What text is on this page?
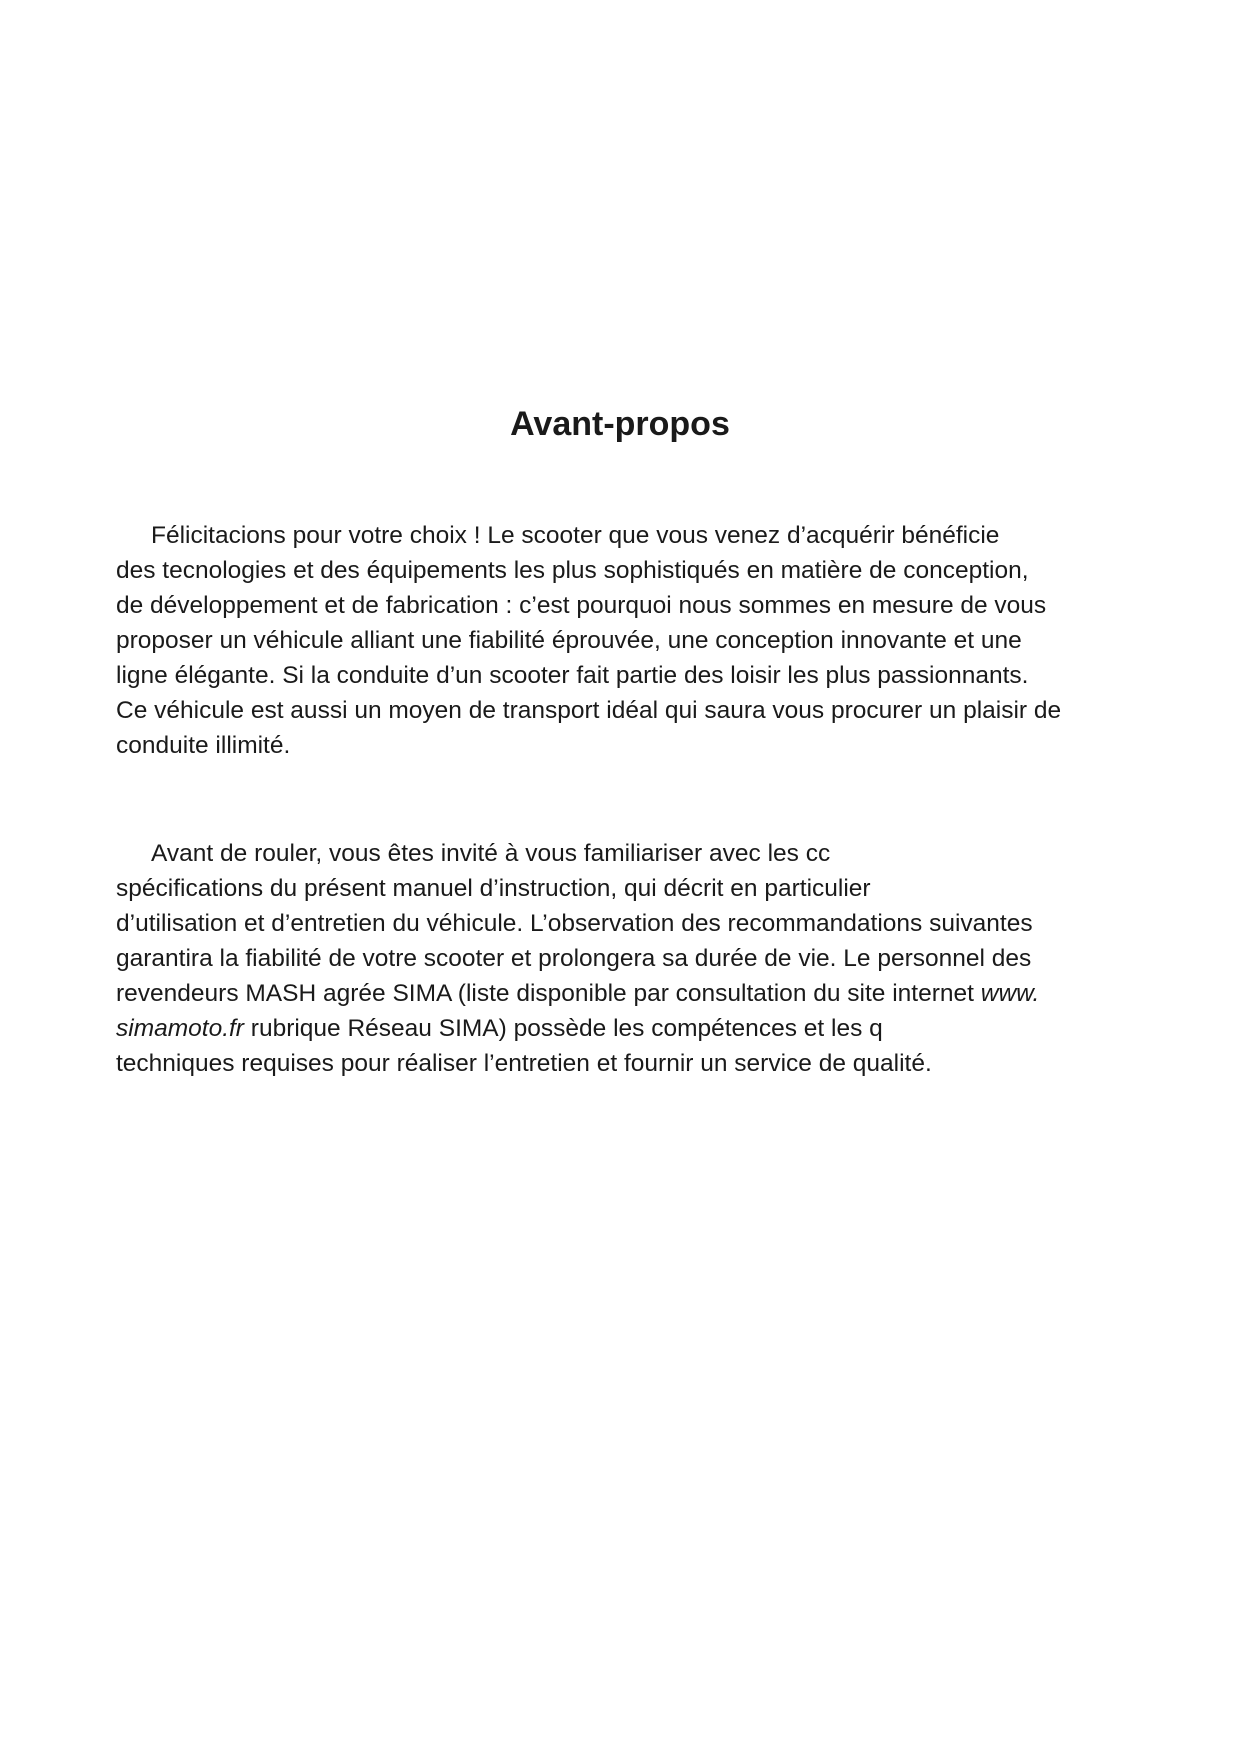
Avant-propos
Félicitacions pour votre choix ! Le scooter que vous venez d’acquérir bénéficie
des tecnologies et des équipements les plus sophistiqués en matière de conception,
de développement et de fabrication : c’est pourquoi nous sommes en mesure de vous
proposer un véhicule alliant une fiabilité éprouvée, une conception innovante et une
ligne élégante. Si la conduite d’un scooter fait partie des loisir les plus passionnants.
Ce véhicule est aussi un moyen de transport idéal qui saura vous procurer un plaisir de
conduite illimité.
Avant de rouler, vous êtes invité à vous familiariser avec les cc
spécifications du présent manuel d’instruction, qui décrit en particulier
d’utilisation et d’entretien du véhicule. L’observation des recommandations suivantes
garantira la fiabilité de votre scooter et prolongera sa durée de vie. Le personnel des
revendeurs MASH agrée SIMA (liste disponible par consultation du site internet www.
simamoto.fr rubrique Réseau SIMA) possède les compétences et les q
techniques requises pour réaliser l’entretien et fournir un service de qualité.
